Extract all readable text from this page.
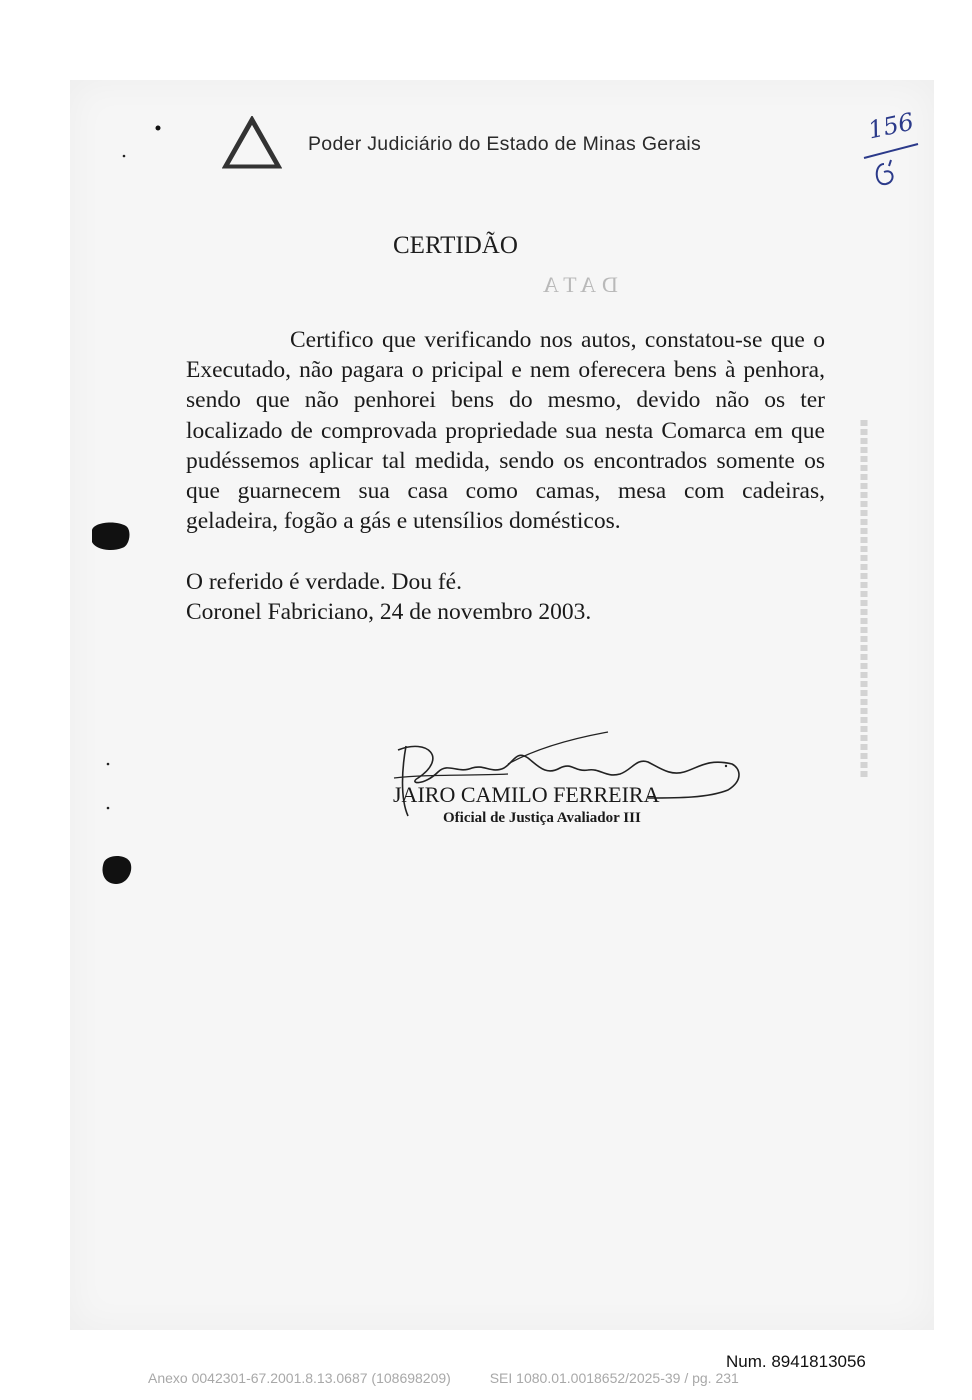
Poder Judiciário do Estado de Minas Gerais	156
CERTIDÃO
DATA

Certifico que verificando nos autos, constatou-se que o Executado, não pagara o pricipal e nem oferecera bens à penhora, sendo que não penhorei bens do mesmo, devido não os ter localizado de comprovada propriedade sua nesta Comarca em que pudéssemos aplicar tal medida, sendo os encontrados somente os que guarnecem sua casa como camas, mesa com cadeiras, geladeira, fogão a gás e utensílios domésticos.

O referido é verdade. Dou fé.

Coronel Fabriciano, 24 de novembro 2003.

JAIRO CAMILO FERREIRA
Oficial de Justiça Avaliador III
Num. 8941813056
Anexo 0042301-67.2001.8.13.0687 (108698209)          SEI 1080.01.0018652/2025-39 / pg. 231
